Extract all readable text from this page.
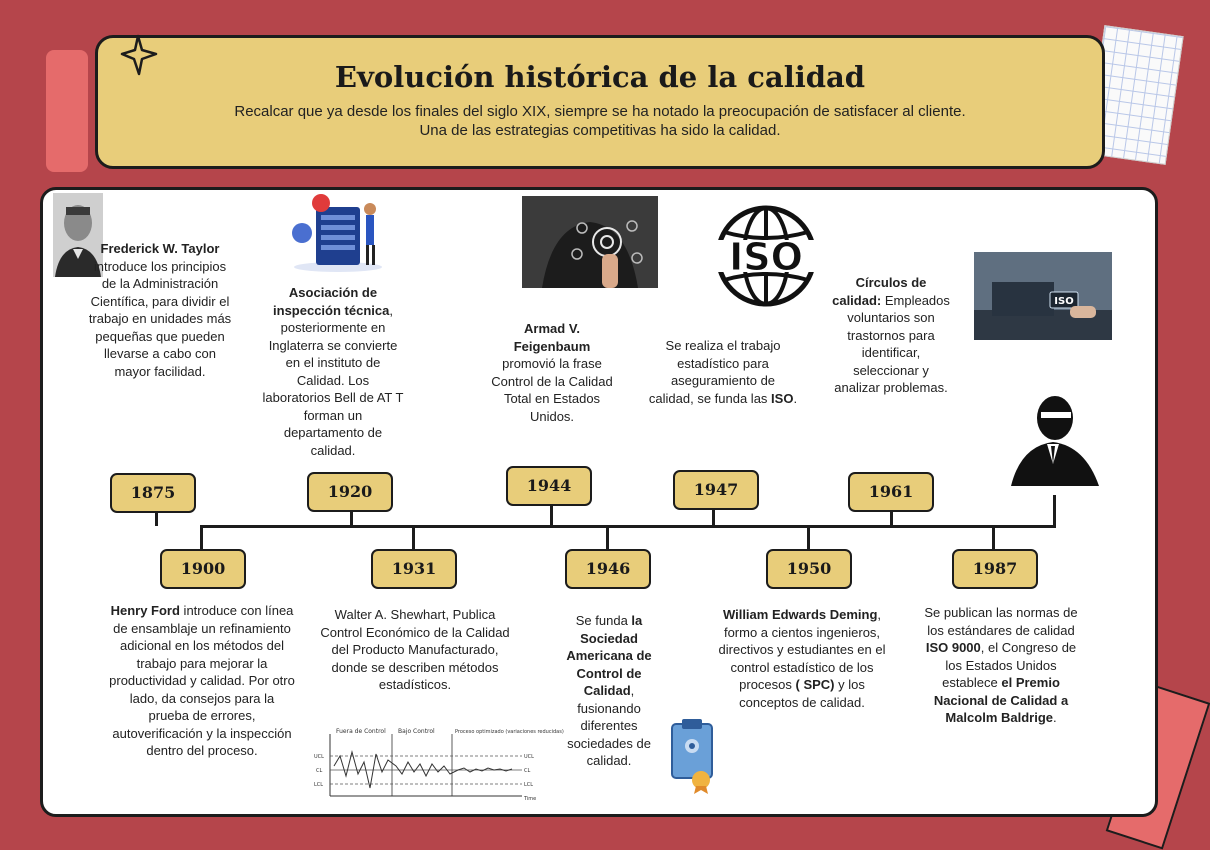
Evolución histórica de la calidad
Recalcar que ya desde los finales del siglo XIX, siempre se ha notado la preocupación de satisfacer al cliente.
Una de las estrategias competitivas ha sido la calidad.
1875
1900
1920
1931
1944
1946
1947
1950
1961
1987
ISO
ISO
Fuera de Control Bajo Control	Proceso optimizado (variaciones reducidas)
UCL
CL
LCL
UCL
CL
LCL
Time
Frederick W. Taylor introduce los principios de la Administración Científica, para dividir el trabajo en unidades más pequeñas que pueden llevarse a cabo con mayor facilidad.
Asociación de inspección técnica, posteriormente en Inglaterra se convierte en el instituto de Calidad. Los laboratorios Bell de AT T forman un departamento de calidad.
Armad V. Feigenbaum promovió la frase Control de la Calidad Total en Estados Unidos.
Se realiza el trabajo estadístico para aseguramiento de calidad, se funda las ISO.
Círculos de calidad: Empleados voluntarios son trastornos para identificar, seleccionar y analizar problemas.
Henry Ford introduce con línea de ensamblaje un refinamiento adicional en los métodos del trabajo para mejorar la productividad y calidad. Por otro lado, da consejos para la prueba de errores, autoverificación y la inspección dentro del proceso.
Walter A. Shewhart, Publica Control Económico de la Calidad del Producto Manufacturado, donde se describen métodos estadísticos.
Se funda la Sociedad Americana de Control de Calidad, fusionando diferentes sociedades de calidad.
William Edwards Deming, formo a cientos ingenieros, directivos y estudiantes en el control estadístico de los procesos ( SPC) y los conceptos de calidad.
Se publican las normas de los estándares de calidad ISO 9000, el Congreso de los Estados Unidos establece el Premio Nacional de Calidad a Malcolm Baldrige.
